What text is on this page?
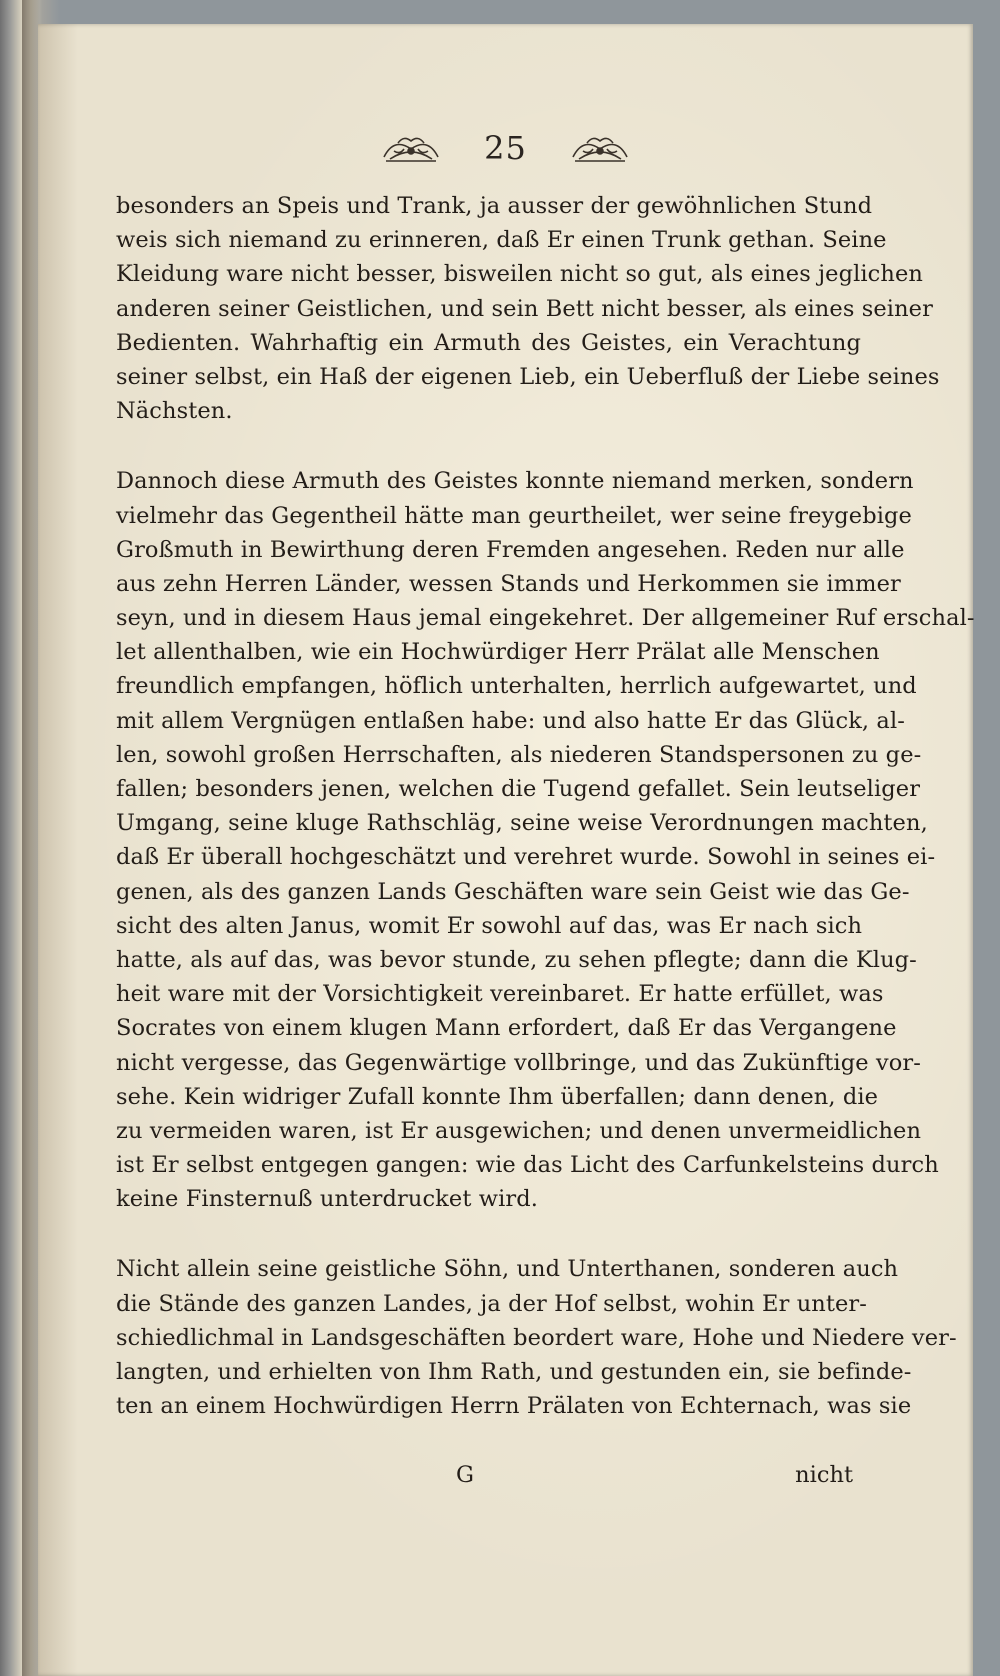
25
besonders an Speis und Trank, ja ausser der gewöhnlichen Stund
weis sich niemand zu erinneren, daß Er einen Trunk gethan. Seine
Kleidung ware nicht besser, bisweilen nicht so gut, als eines jeglichen
anderen seiner Geistlichen, und sein Bett nicht besser, als eines seiner
Bedienten. Wahrhaftig ein Armuth des Geistes, ein Verachtung
seiner selbst, ein Haß der eigenen Lieb, ein Ueberfluß der Liebe seines
Nächsten.
Dannoch diese Armuth des Geistes konnte niemand merken, sondern
vielmehr das Gegentheil hätte man geurtheilet, wer seine freygebige
Großmuth in Bewirthung deren Fremden angesehen. Reden nur alle
aus zehn Herren Länder, wessen Stands und Herkommen sie immer
seyn, und in diesem Haus jemal eingekehret. Der allgemeiner Ruf erschal-
let allenthalben, wie ein Hochwürdiger Herr Prälat alle Menschen
freundlich empfangen, höflich unterhalten, herrlich aufgewartet, und
mit allem Vergnügen entlaßen habe: und also hatte Er das Glück, al-
len, sowohl großen Herrschaften, als niederen Standspersonen zu ge-
fallen; besonders jenen, welchen die Tugend gefallet. Sein leutseliger
Umgang, seine kluge Rathschläg, seine weise Verordnungen machten,
daß Er überall hochgeschätzt und verehret wurde. Sowohl in seines ei-
genen, als des ganzen Lands Geschäften ware sein Geist wie das Ge-
sicht des alten Janus, womit Er sowohl auf das, was Er nach sich
hatte, als auf das, was bevor stunde, zu sehen pflegte; dann die Klug-
heit ware mit der Vorsichtigkeit vereinbaret. Er hatte erfüllet, was
Socrates von einem klugen Mann erfordert, daß Er das Vergangene
nicht vergesse, das Gegenwärtige vollbringe, und das Zukünftige vor-
sehe. Kein widriger Zufall konnte Ihm überfallen; dann denen, die
zu vermeiden waren, ist Er ausgewichen; und denen unvermeidlichen
ist Er selbst entgegen gangen: wie das Licht des Carfunkelsteins durch
keine Finsternuß unterdrucket wird.
Nicht allein seine geistliche Söhn, und Unterthanen, sonderen auch
die Stände des ganzen Landes, ja der Hof selbst, wohin Er unter-
schiedlichmal in Landsgeschäften beordert ware, Hohe und Niedere ver-
langten, und erhielten von Ihm Rath, und gestunden ein, sie befinde-
ten an einem Hochwürdigen Herrn Prälaten von Echternach, was sie
G	nicht
